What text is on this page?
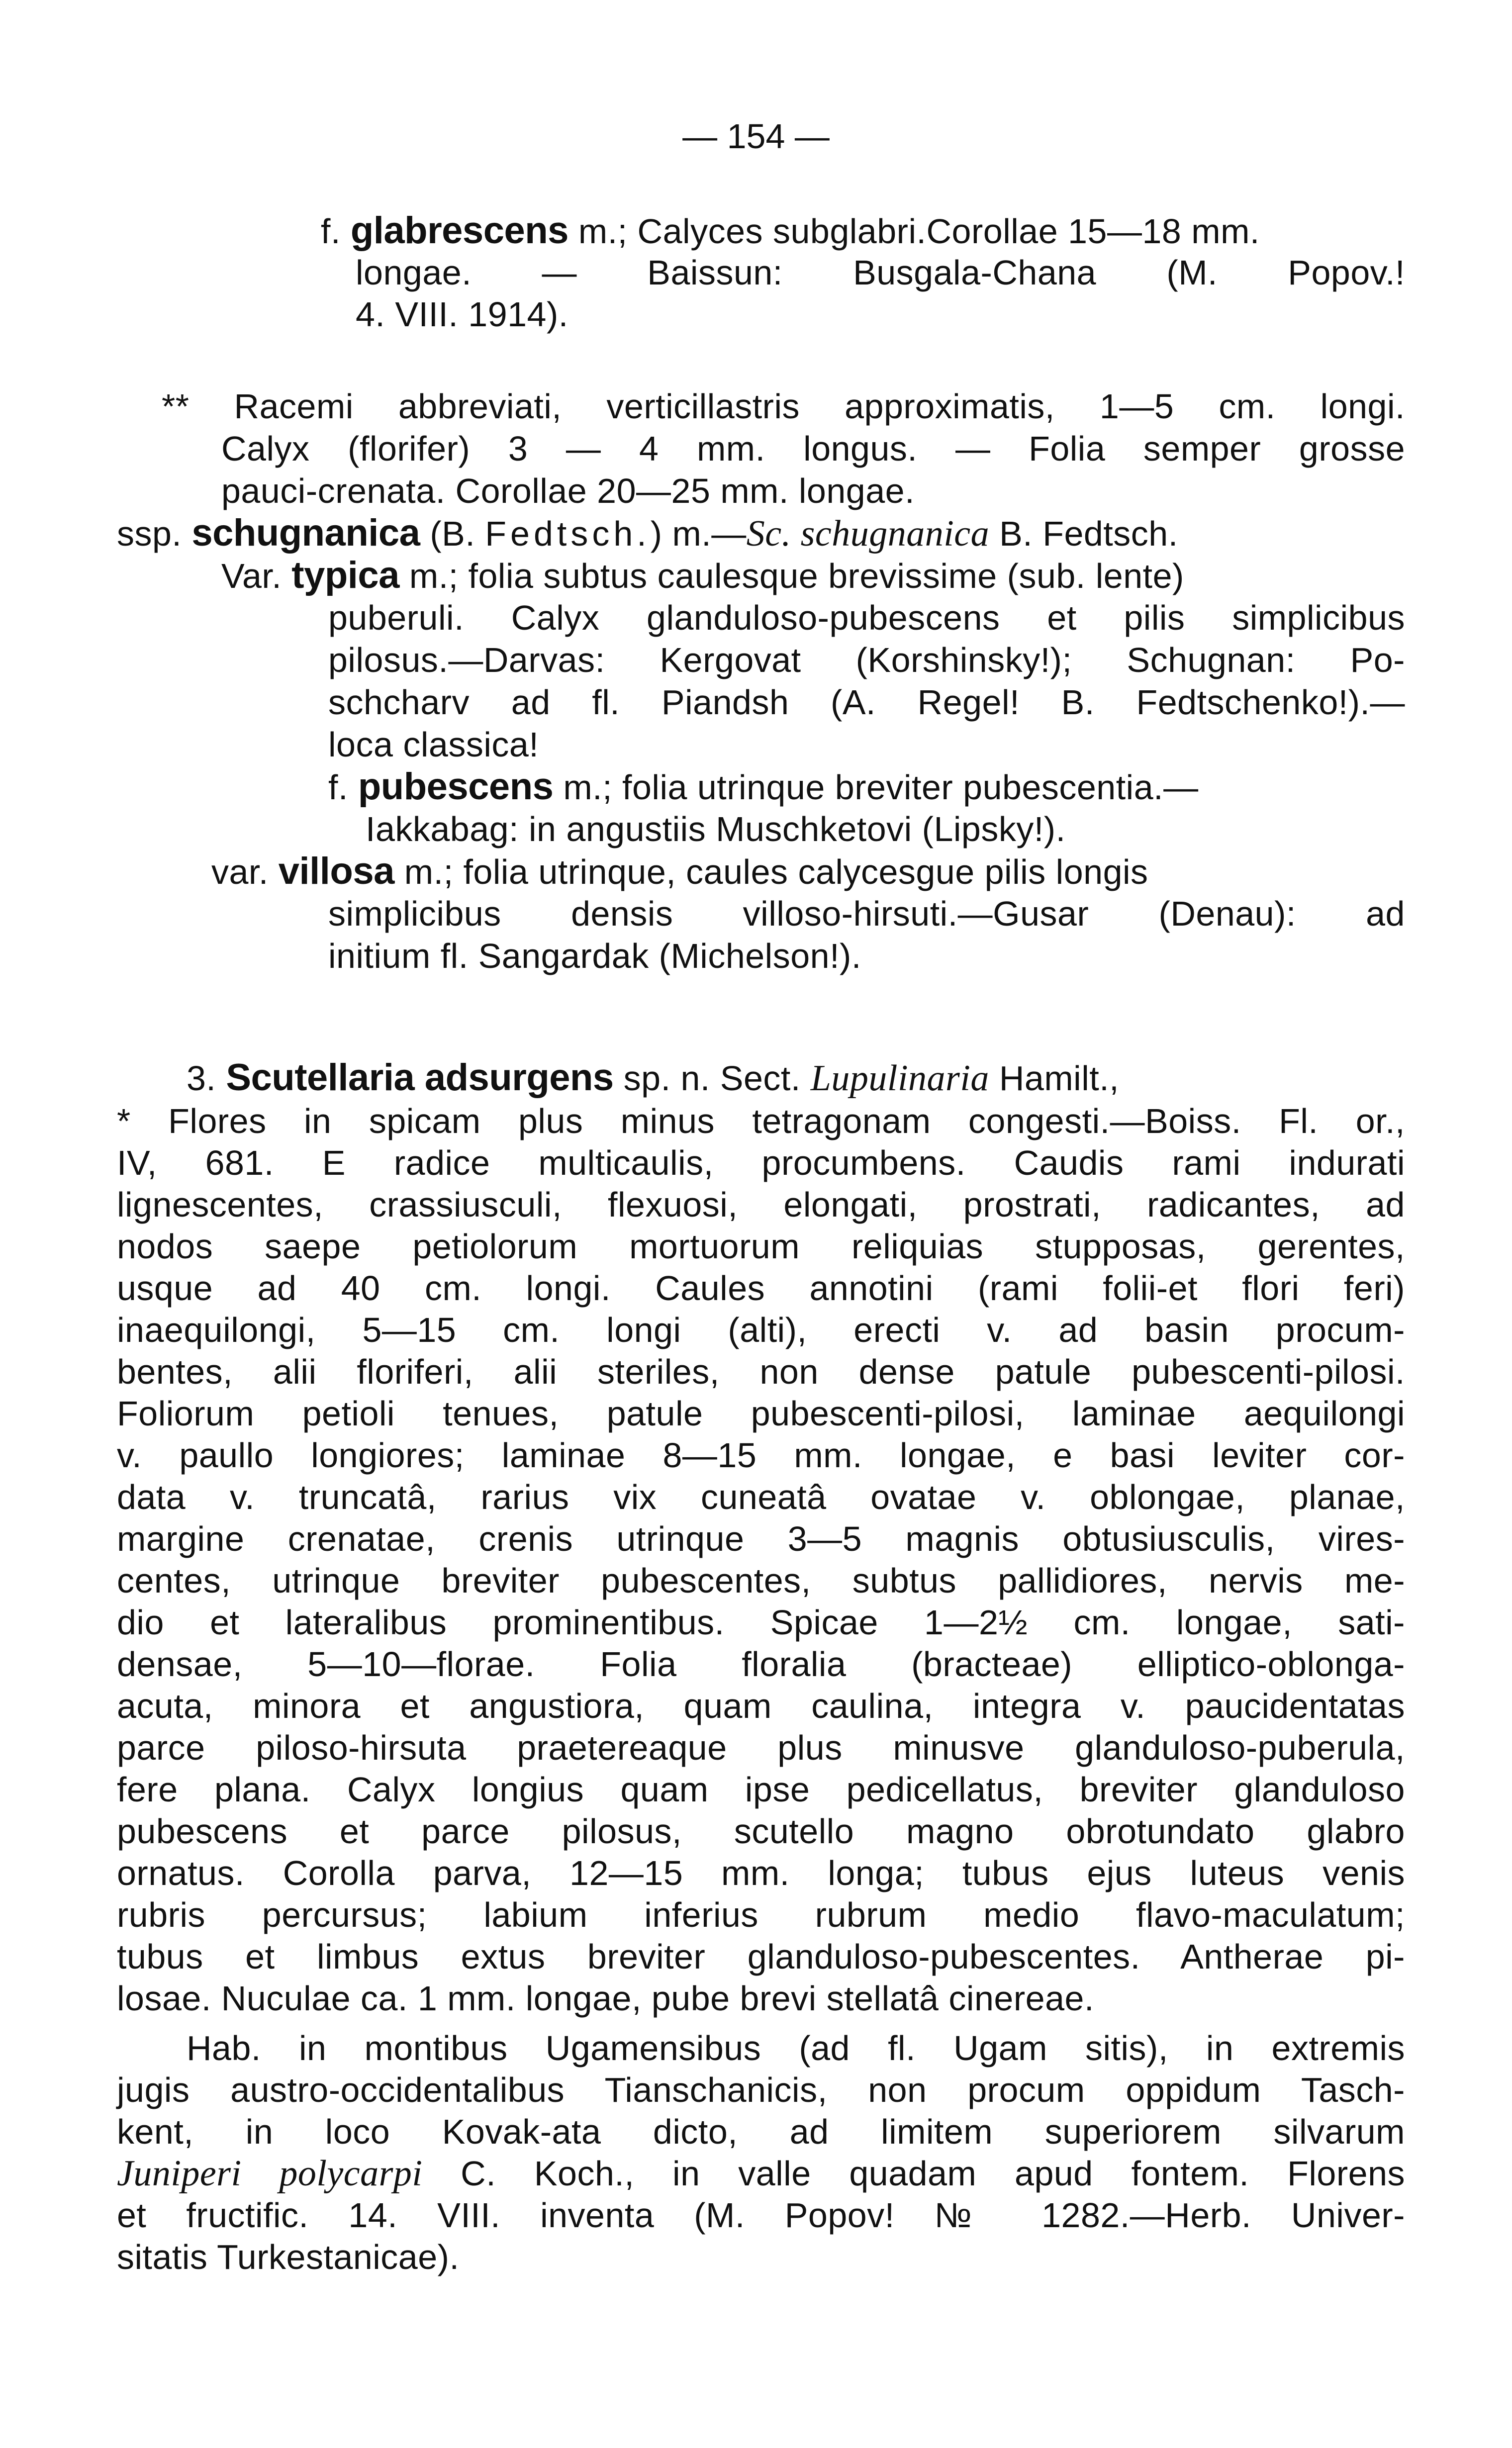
— 154 —
f. glabrescens m.; Calyces subglabri.Corollae 15—18 mm.
longae. — Baissun: Busgala-Chana (M. Popov.!
4. VIII. 1914).
** Racemi abbreviati, verticillastris approximatis, 1—5 cm. longi.
Calyx (florifer) 3 — 4 mm. longus. — Folia semper grosse
pauci-crenata. Corollae 20—25 mm. longae.
ssp. schugnanica (B. Fedtsch.) m.—Sc. schugnanica B. Fedtsch.
Var. typica m.; folia subtus caulesque brevissime (sub. lente)
puberuli. Calyx glanduloso-pubescens et pilis simplicibus
pilosus.—Darvas: Kergovat (Korshinsky!); Schugnan: Po-
schcharv ad fl. Piandsh (A. Regel! B. Fedtschenko!).—
loca classica!
f. pubescens m.; folia utrinque breviter pubescentia.—
Iakkabag: in angustiis Muschketovi (Lipsky!).
var. villosa m.; folia utrinque, caules calycesgue pilis longis
simplicibus densis villoso-hirsuti.—Gusar (Denau): ad
initium fl. Sangardak (Michelson!).
3. Scutellaria adsurgens sp. n. Sect. Lupulinaria Hamilt.,
* Flores in spicam plus minus tetragonam congesti.—Boiss. Fl. or.,
IV, 681. E radice multicaulis, procumbens. Caudis rami indurati
lignescentes, crassiusculi, flexuosi, elongati, prostrati, radicantes, ad
nodos saepe petiolorum mortuorum reliquias stupposas, gerentes,
usque ad 40 cm. longi. Caules annotini (rami folii-et flori feri)
inaequilongi, 5—15 cm. longi (alti), erecti v. ad basin procum-
bentes, alii floriferi, alii steriles, non dense patule pubescenti-pilosi.
Foliorum petioli tenues, patule pubescenti-pilosi, laminae aequilongi
v. paullo longiores; laminae 8—15 mm. longae, e basi leviter cor-
data v. truncatâ, rarius vix cuneatâ ovatae v. oblongae, planae,
margine crenatae, crenis utrinque 3—5 magnis obtusiusculis, vires-
centes, utrinque breviter pubescentes, subtus pallidiores, nervis me-
dio et lateralibus prominentibus. Spicae 1—2½ cm. longae, sati-
densae, 5—10—florae. Folia floralia (bracteae) elliptico-oblonga-
acuta, minora et angustiora, quam caulina, integra v. paucidentatas
parce piloso-hirsuta praetereaque plus minusve glanduloso-puberula,
fere plana. Calyx longius quam ipse pedicellatus, breviter glanduloso
pubescens et parce pilosus, scutello magno obrotundato glabro
ornatus. Corolla parva, 12—15 mm. longa; tubus ejus luteus venis
rubris percursus; labium inferius rubrum medio flavo-maculatum;
tubus et limbus extus breviter glanduloso-pubescentes. Antherae pi-
losae. Nuculae ca. 1 mm. longae, pube brevi stellatâ cinereae.
Hab. in montibus Ugamensibus (ad fl. Ugam sitis), in extremis
jugis austro-occidentalibus Tianschanicis, non procum oppidum Tasch-
kent, in loco Kovak-ata dicto, ad limitem superiorem silvarum
Juniperi polycarpi C. Koch., in valle quadam apud fontem. Florens
et fructific. 14. VIII. inventa (M. Popov! № 1282.—Herb. Univer-
sitatis Turkestanicae).
